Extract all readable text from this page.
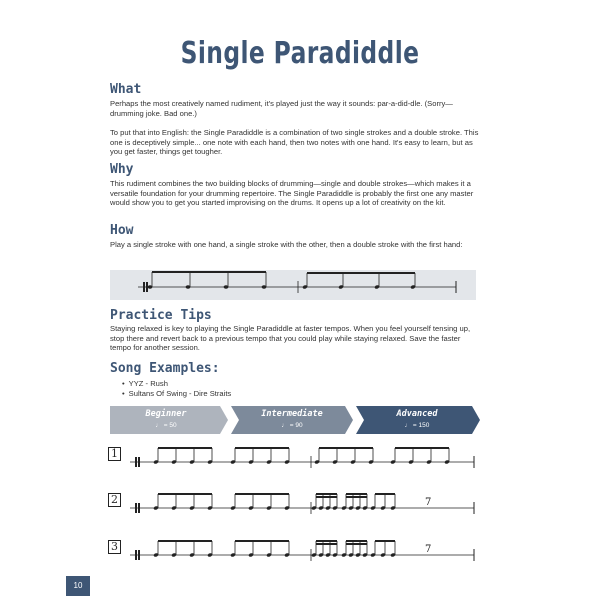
Single Paradiddle
What
Perhaps the most creatively named rudiment, it's played just the way it sounds: par-a-did-dle. (Sorry—drumming joke. Bad one.)
To put that into English: the Single Paradiddle is a combination of two single strokes and a double stroke. This one is deceptively simple... one note with each hand, then two notes with one hand. It's easy to learn, but as you get faster, things get tougher.
Why
This rudiment combines the two building blocks of drumming—single and double strokes—which makes it a versatile foundation for your drumming repertoire. The Single Paradiddle is probably the first one any master would show you to get you started improvising on the drums. It opens up a lot of creativity on the kit.
How
Play a single stroke with one hand, a single stroke with the other, then a double stroke with the first hand:
Practice Tips
Staying relaxed is key to playing the Single Paradiddle at faster tempos. When you feel yourself tensing up, stop there and revert back to a previous tempo that you could play while staying relaxed. Save the faster tempo for another session.
Song Examples:
• YYZ - Rush
• Sultans Of Swing - Dire Straits
Beginner
♩ = 50
Intermediate
♩ = 90
Advanced
♩ = 150
1
2
3
7
7
10
